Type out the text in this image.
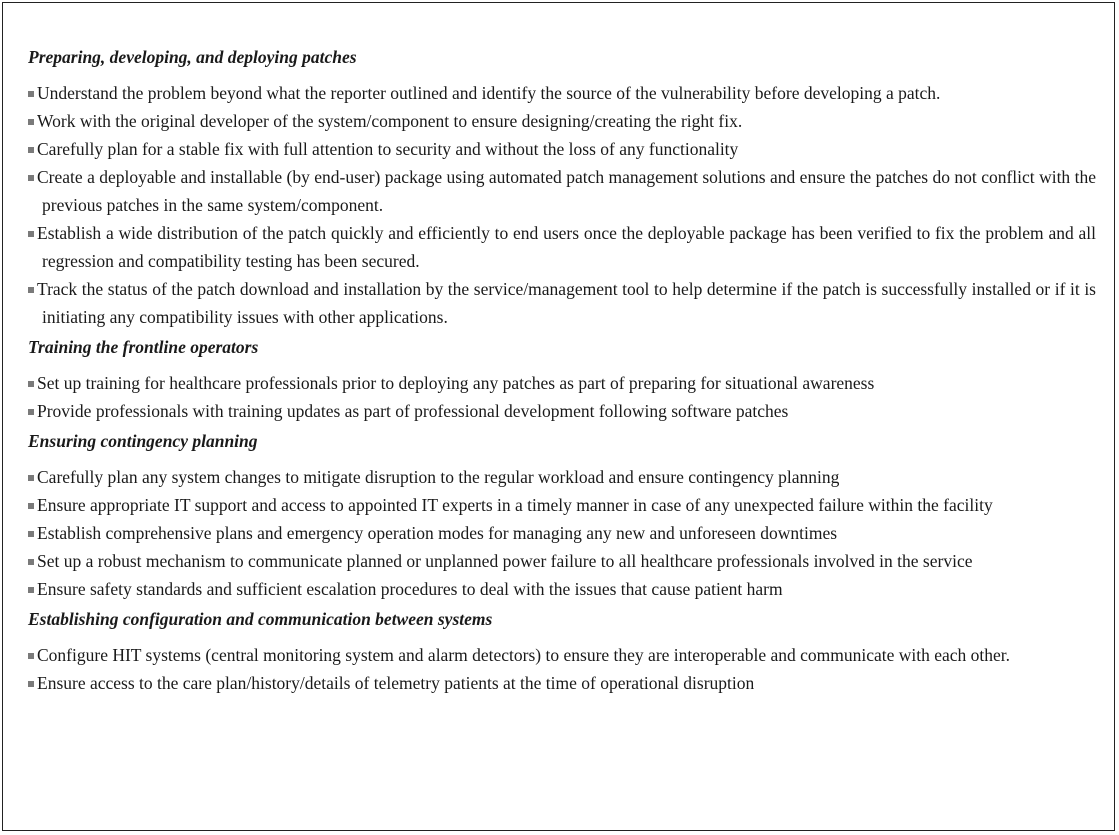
Preparing, developing, and deploying patches
Understand the problem beyond what the reporter outlined and identify the source of the vulnerability before developing a patch.
Work with the original developer of the system/component to ensure designing/creating the right fix.
Carefully plan for a stable fix with full attention to security and without the loss of any functionality
Create a deployable and installable (by end-user) package using automated patch management solutions and ensure the patches do not conflict with the previous patches in the same system/component.
Establish a wide distribution of the patch quickly and efficiently to end users once the deployable package has been verified to fix the problem and all regression and compatibility testing has been secured.
Track the status of the patch download and installation by the service/management tool to help determine if the patch is successfully installed or if it is initiating any compatibility issues with other applications.
Training the frontline operators
Set up training for healthcare professionals prior to deploying any patches as part of preparing for situational awareness
Provide professionals with training updates as part of professional development following software patches
Ensuring contingency planning
Carefully plan any system changes to mitigate disruption to the regular workload and ensure contingency planning
Ensure appropriate IT support and access to appointed IT experts in a timely manner in case of any unexpected failure within the facility
Establish comprehensive plans and emergency operation modes for managing any new and unforeseen downtimes
Set up a robust mechanism to communicate planned or unplanned power failure to all healthcare professionals involved in the service
Ensure safety standards and sufficient escalation procedures to deal with the issues that cause patient harm
Establishing configuration and communication between systems
Configure HIT systems (central monitoring system and alarm detectors) to ensure they are interoperable and communicate with each other.
Ensure access to the care plan/history/details of telemetry patients at the time of operational disruption
